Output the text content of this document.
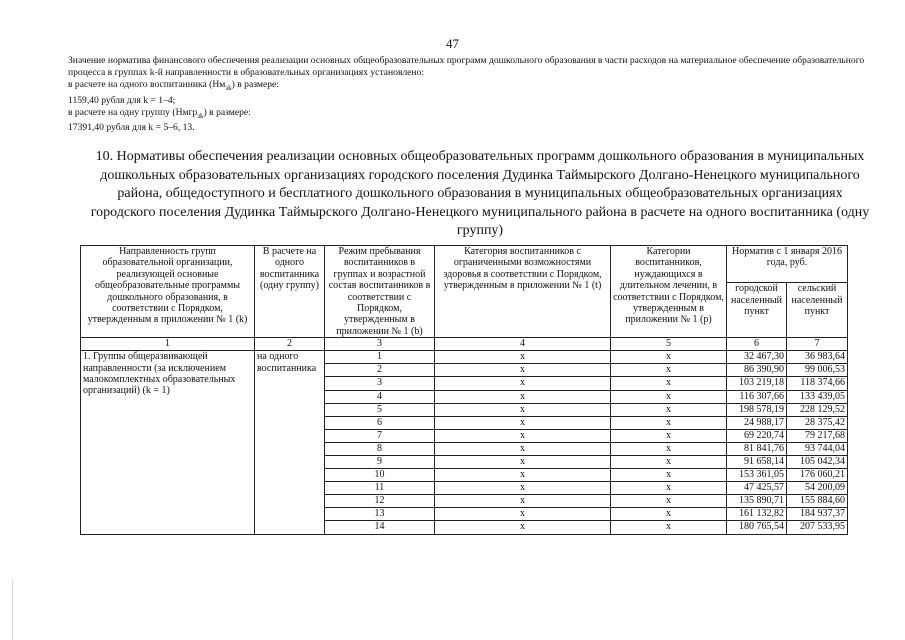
47

Значение норматива финансового обеспечения реализации основных общеобразовательных программ дошкольного образования в части расходов на материальное обеспечение образовательного процесса в группах k-й направленности в образовательных организациях установлено:

в расчете на одного воспитанника $(Нм_{зk})$ в размере:

1159,40 рубля для k = 1–4;

в расчете на одну группу (Нмгр$_{зk}$) в размере:

17391,40 рубля для k = 5–6, 13.

10. Нормативы обеспечения реализации основных общеобразовательных программ дошкольного образования в муниципальных дошкольных образовательных организациях городского поселения Дудинка Таймырского Долгано-Ненецкого муниципального района, общедоступного и бесплатного дошкольного образования в муниципальных общеобразовательных организациях городского поселения Дудинка Таймырского Долгано-Ненецкого муниципального района в расчете на одного воспитанника (одну группу)
Направленность групп образовательной организации, реализующей основные общеобразовательные программы дошкольного образования, в соответствии с Порядком, утвержденным в приложении № 1 (k)	В расчете на одного воспитанника (одну группу)	Режим пребывания воспитанников в группах и возрастной состав воспитанников в соответствии с Порядком, утвержденным в приложении № 1 (b)	Категория воспитанников с ограниченными возможностями здоровья в соответствии с Порядком, утвержденным в приложении № 1 (t)	Категории воспитанников, нуждающихся в длительном лечении, в соответствии с Порядком, утвержденным в приложении № 1 (p)	Норматив с 1 января 2016 года, руб.	
					городской населенный пункт	сельский населенный пункт
1	2	3	4	5	6	7
1. Группы общеразвивающей направленности (за исключением малокомплектных образовательных организаций) (k = 1)	на одного воспитанника	1	x	x	32 467,30	36 983,64
		2	x	x	86 390,90	99 006,53
		3	x	x	103 219,18	118 374,66
		4	x	x	116 307,66	133 439,05
		5	x	x	198 578,19	228 129,52
		6	x	x	24 988,17	28 375,42
		7	x	x	69 220,74	79 217,68
		8	x	x	81 841,76	93 744,04
		9	x	x	91 658,14	105 042,34
		10	x	x	153 361,05	176 060,21
		11	x	x	47 425,57	54 200,09
		12	x	x	135 890,71	155 884,60
		13	x	x	161 132,82	184 937,37
		14	x	x	180 765,54	207 533,95
